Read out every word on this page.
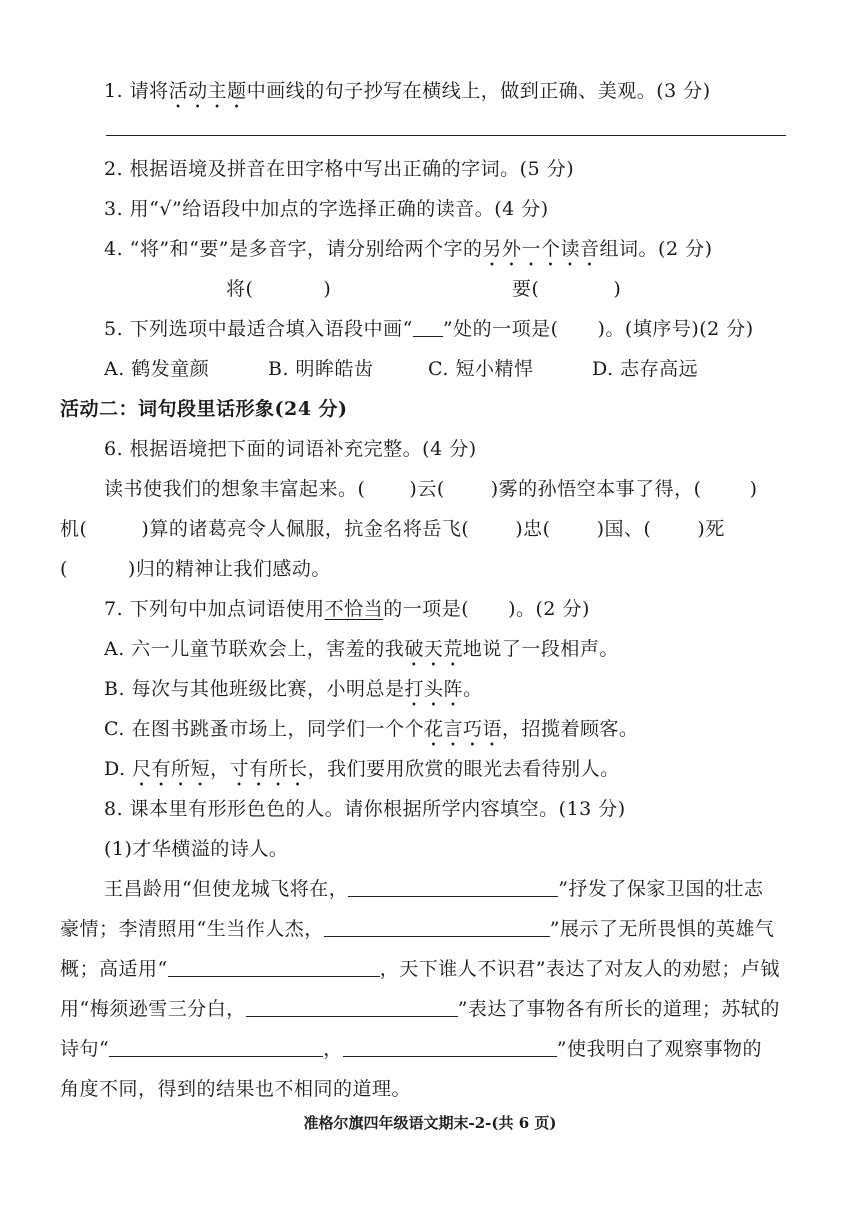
1. 请将活动主题中画线的句子抄写在横线上，做到正确、美观。(3 分)
2. 根据语境及拼音在田字格中写出正确的字词。(5 分)
3. 用“√”给语段中加点的字选择正确的读音。(4 分)
4. “将”和“要”是多音字，请分别给两个字的另外一个读音组词。(2 分)
将(	)	要(	)
5. 下列选项中最适合填入语段中画“ ”处的一项是(　　)。(填序号)(2 分)
A. 鹤发童颜	B. 明眸皓齿	C. 短小精悍	D. 志存高远
活动二：词句段里话形象(24 分)
6. 根据语境把下面的词语补充完整。(4 分)
读书使我们的想象丰富起来。( )云( )雾的孙悟空本事了得，(	)
机(	)算的诸葛亮令人佩服，抗金名将岳飞( )忠( )国、( )死
(	)归的精神让我们感动。
7. 下列句中加点词语使用不恰当的一项是(　　)。(2 分)
A. 六一儿童节联欢会上，害羞的我破天荒地说了一段相声。
B. 每次与其他班级比赛，小明总是打头阵。
C. 在图书跳蚤市场上，同学们一个个花言巧语，招揽着顾客。
D. 尺有所短，寸有所长，我们要用欣赏的眼光去看待别人。
8. 课本里有形形色色的人。请你根据所学内容填空。(13 分)
(1)才华横溢的诗人。
王昌龄用“但使龙城飞将在，	”抒发了保家卫国的壮志
豪情；李清照用“生当作人杰，	”展示了无所畏惧的英雄气
概；高适用“	，天下谁人不识君”表达了对友人的劝慰；卢钺
用“梅须逊雪三分白，	”表达了事物各有所长的道理；苏轼的
诗句“	，	”使我明白了观察事物的
角度不同，得到的结果也不相同的道理。
准格尔旗四年级语文期末-2-(共 6 页)
